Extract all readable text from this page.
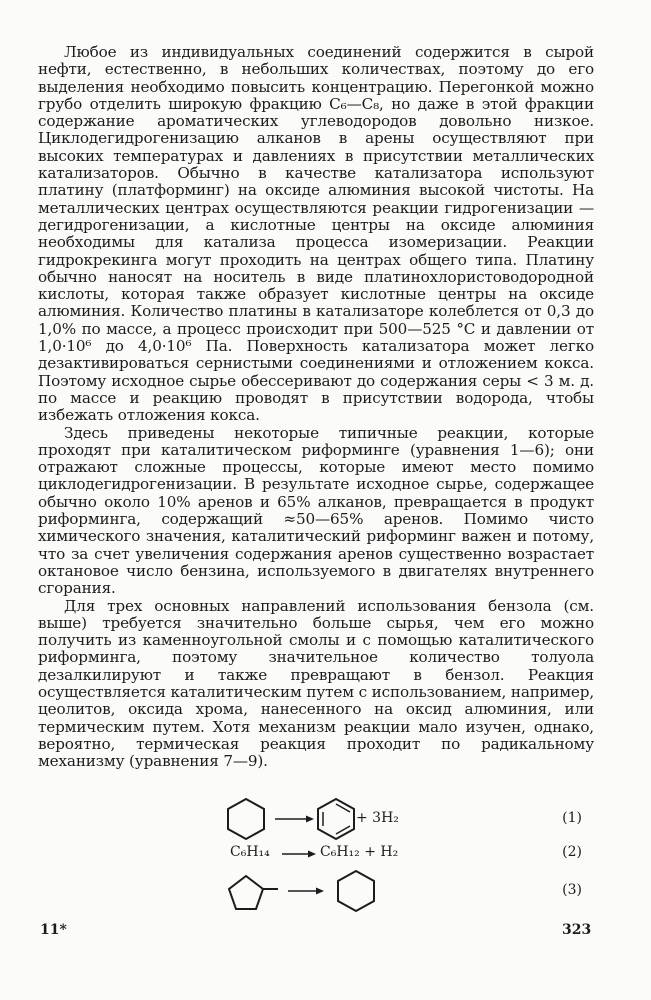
Любое из индивидуальных соединений содержится в сырой нефти, естественно, в небольших количествах, поэтому до его выделения необходимо повысить концентрацию. Перегонкой можно грубо отделить широкую фракцию C₆—C₈, но даже в этой фракции содержание ароматических углеводородов довольно низкое. Циклодегидрогенизацию алканов в арены осуществляют при высоких температурах и давлениях в присутствии металлических катализаторов. Обычно в качестве катализатора используют платину (платформинг) на оксиде алюминия высокой чистоты. На металлических центрах осуществляются реакции гидрогенизации — дегидрогенизации, а кислотные центры на оксиде алюминия необходимы для катализа процесса изомеризации. Реакции гидрокрекинга могут проходить на центрах общего типа. Платину обычно наносят на носитель в виде платинохлористоводородной кислоты, которая также образует кислотные центры на оксиде алюминия. Количество платины в катализаторе колеблется от 0,3 до 1,0% по массе, а процесс происходит при 500—525 °C и давлении от 1,0·10⁶ до 4,0·10⁶ Па. Поверхность катализатора может легко дезактивироваться сернистыми соединениями и отложением кокса. Поэтому исходное сырье обессеривают до содержания серы < 3 м. д. по массе и реакцию проводят в присутствии водорода, чтобы избежать отложения кокса.

Здесь приведены некоторые типичные реакции, которые проходят при каталитическом риформинге (уравнения 1—6); они отражают сложные процессы, которые имеют место помимо циклодегидрогенизации. В результате исходное сырье, содержащее обычно около 10% аренов и 65% алканов, превращается в продукт риформинга, содержащий ≈50—65% аренов. Помимо чисто химического значения, каталитический риформинг важен и потому, что за счет увеличения содержания аренов существенно возрастает октановое число бензина, используемого в двигателях внутреннего сгорания.

Для трех основных направлений использования бензола (см. выше) требуется значительно больше сырья, чем его можно получить из каменноугольной смолы и с помощью каталитического риформинга, поэтому значительное количество толуола дезалкилируют и также превращают в бензол. Реакция осуществляется каталитическим путем с использованием, например, цеолитов, оксида хрома, нанесенного на оксид алюминия, или термическим путем. Хотя механизм реакции мало изучен, однако, вероятно, термическая реакция проходит по радикальному механизму (уравнения 7—9).

+ 3H₂	(1)
C₆H₁₄	C₆H₁₂ + H₂	(2)
(3)
11*	323
